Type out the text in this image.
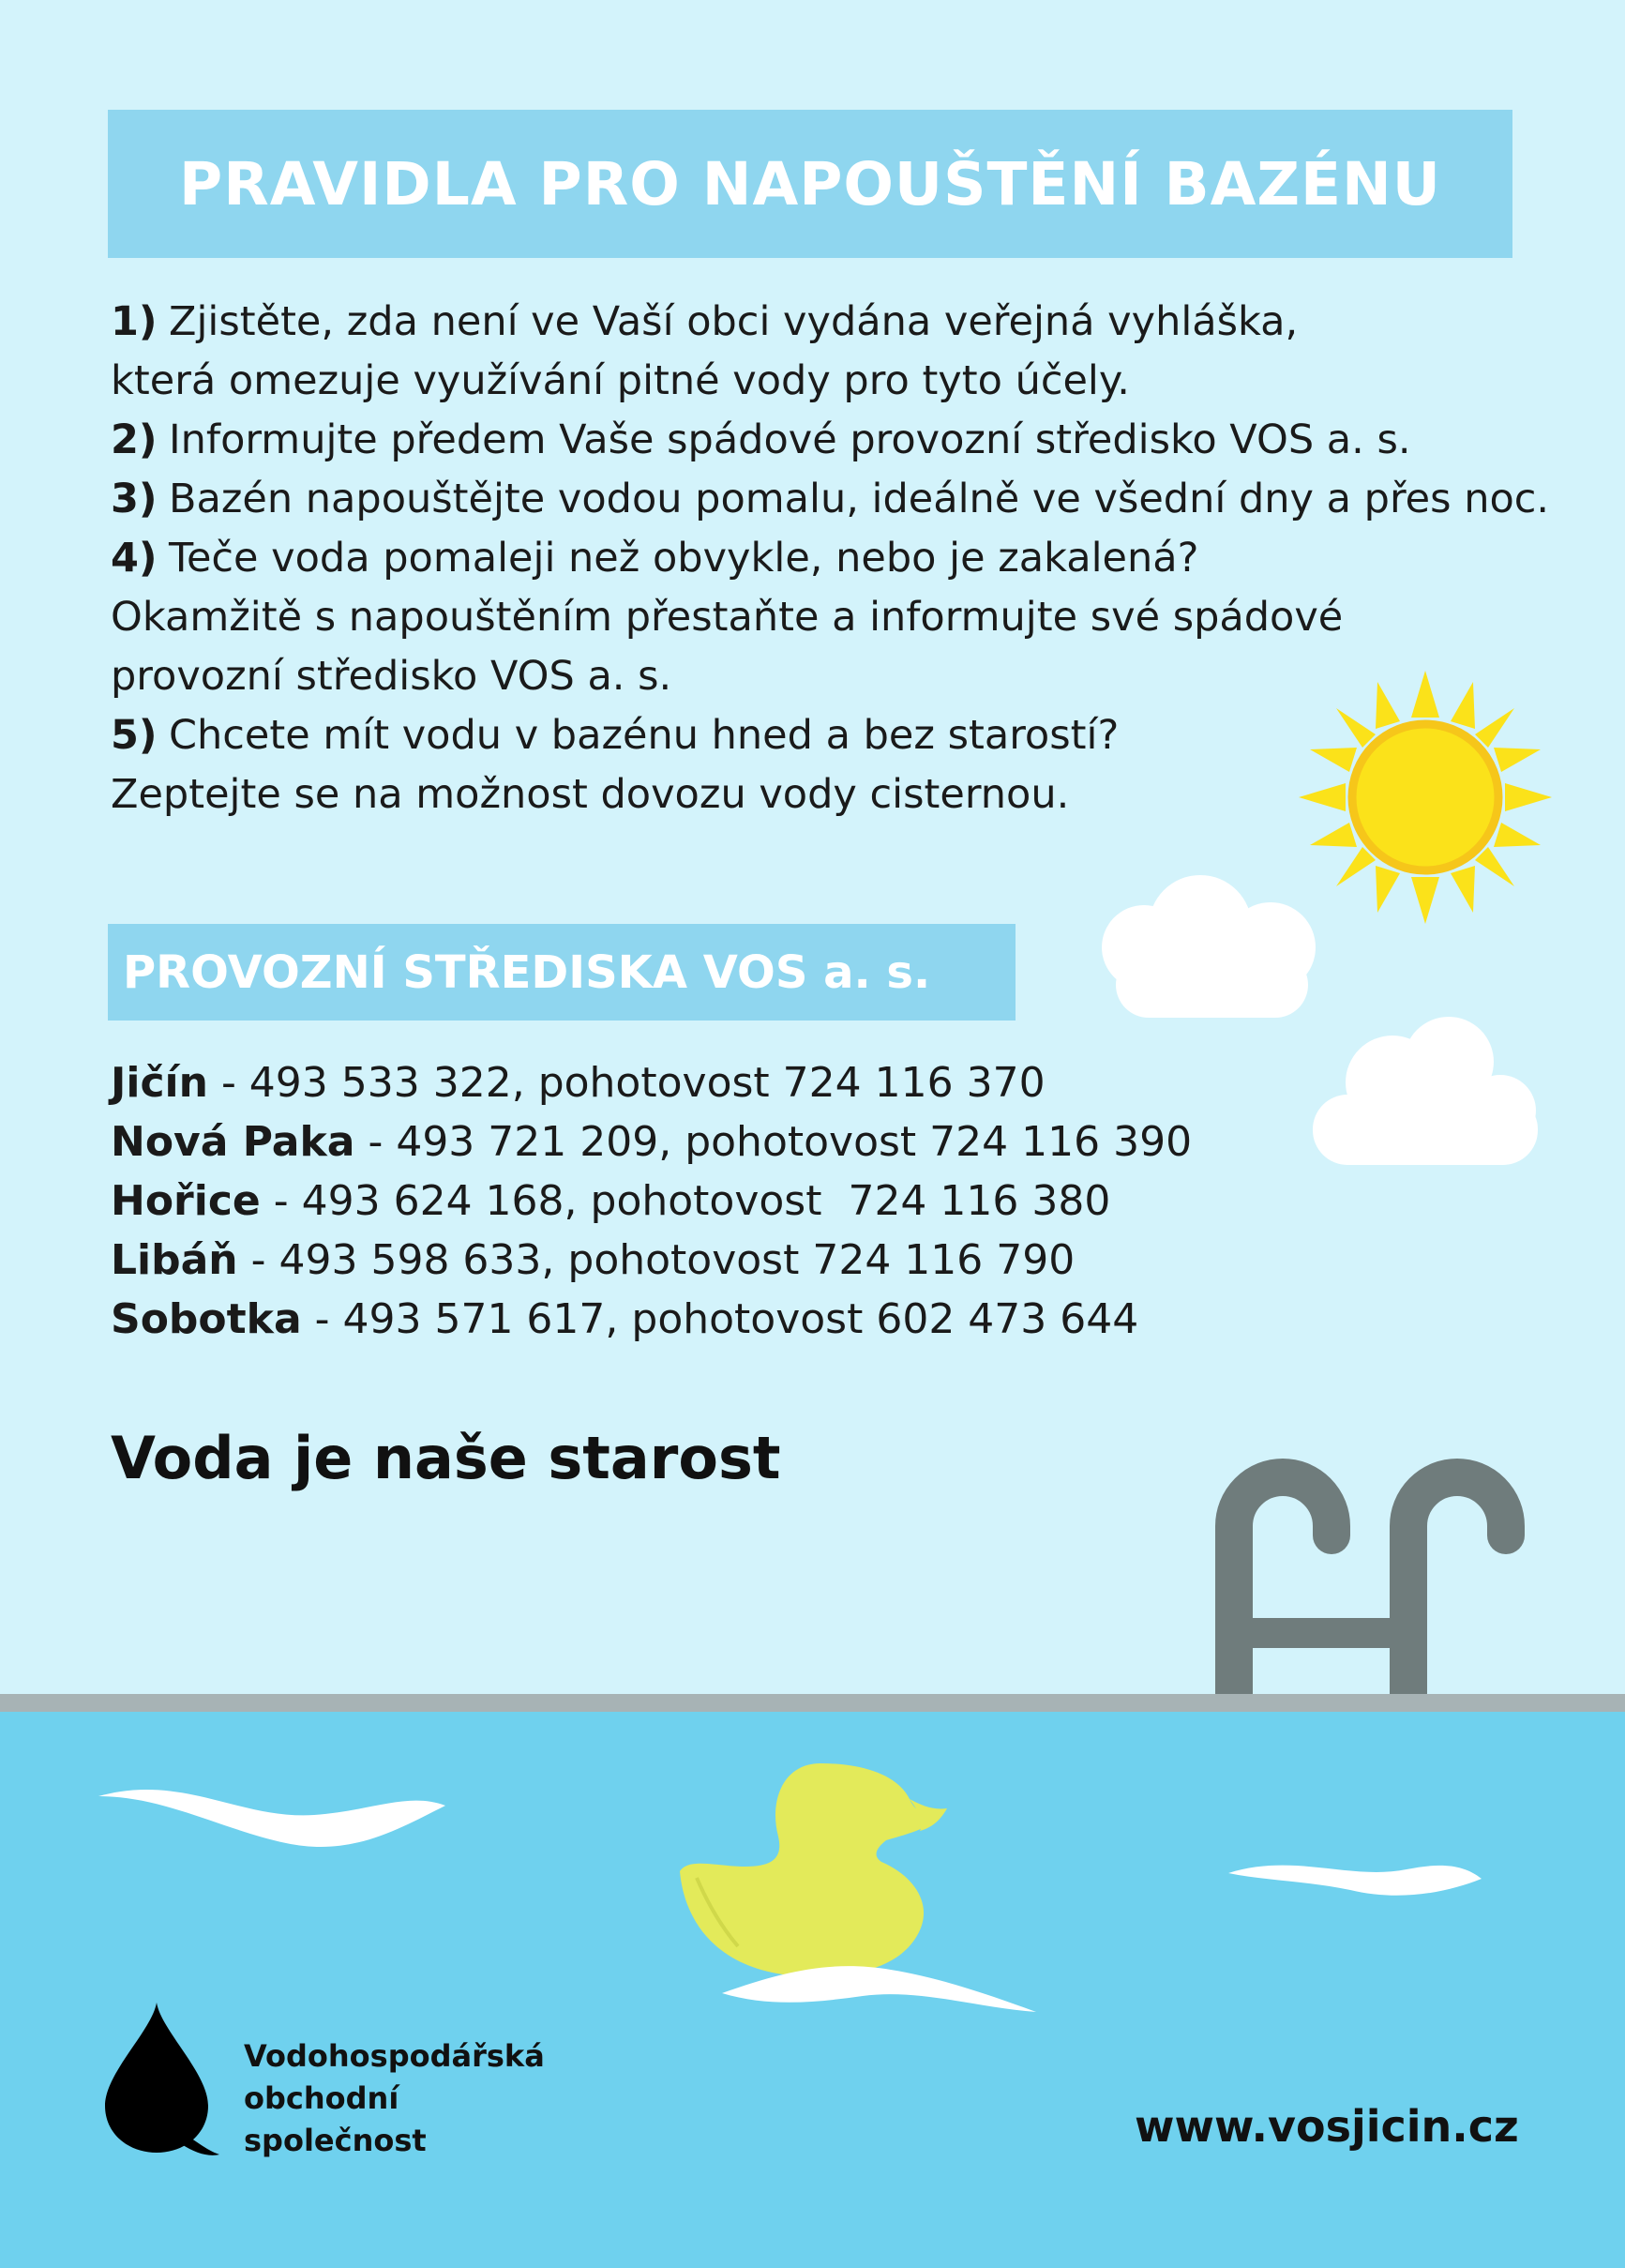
PRAVIDLA PRO NAPOUŠTĚNÍ BAZÉNU
1) Zjistěte, zda není ve Vaší obci vydána veřejná vyhláška,
která omezuje využívání pitné vody pro tyto účely.
2) Informujte předem Vaše spádové provozní středisko VOS a. s.
3) Bazén napouštějte vodou pomalu, ideálně ve všední dny a přes noc.
4) Teče voda pomaleji než obvykle, nebo je zakalená?
Okamžitě s napouštěním přestaňte a informujte své spádové
provozní středisko VOS a. s.
5) Chcete mít vodu v bazénu hned a bez starostí?
Zeptejte se na možnost dovozu vody cisternou.
PROVOZNÍ STŘEDISKA VOS a. s.
Jičín - 493 533 322, pohotovost 724 116 370
Nová Paka - 493 721 209, pohotovost 724 116 390
Hořice - 493 624 168, pohotovost  724 116 380
Libáň - 493 598 633, pohotovost 724 116 790
Sobotka - 493 571 617, pohotovost 602 473 644
Voda je naše starost
Vodohospodářská
obchodní
společnost	www.vosjicin.cz
